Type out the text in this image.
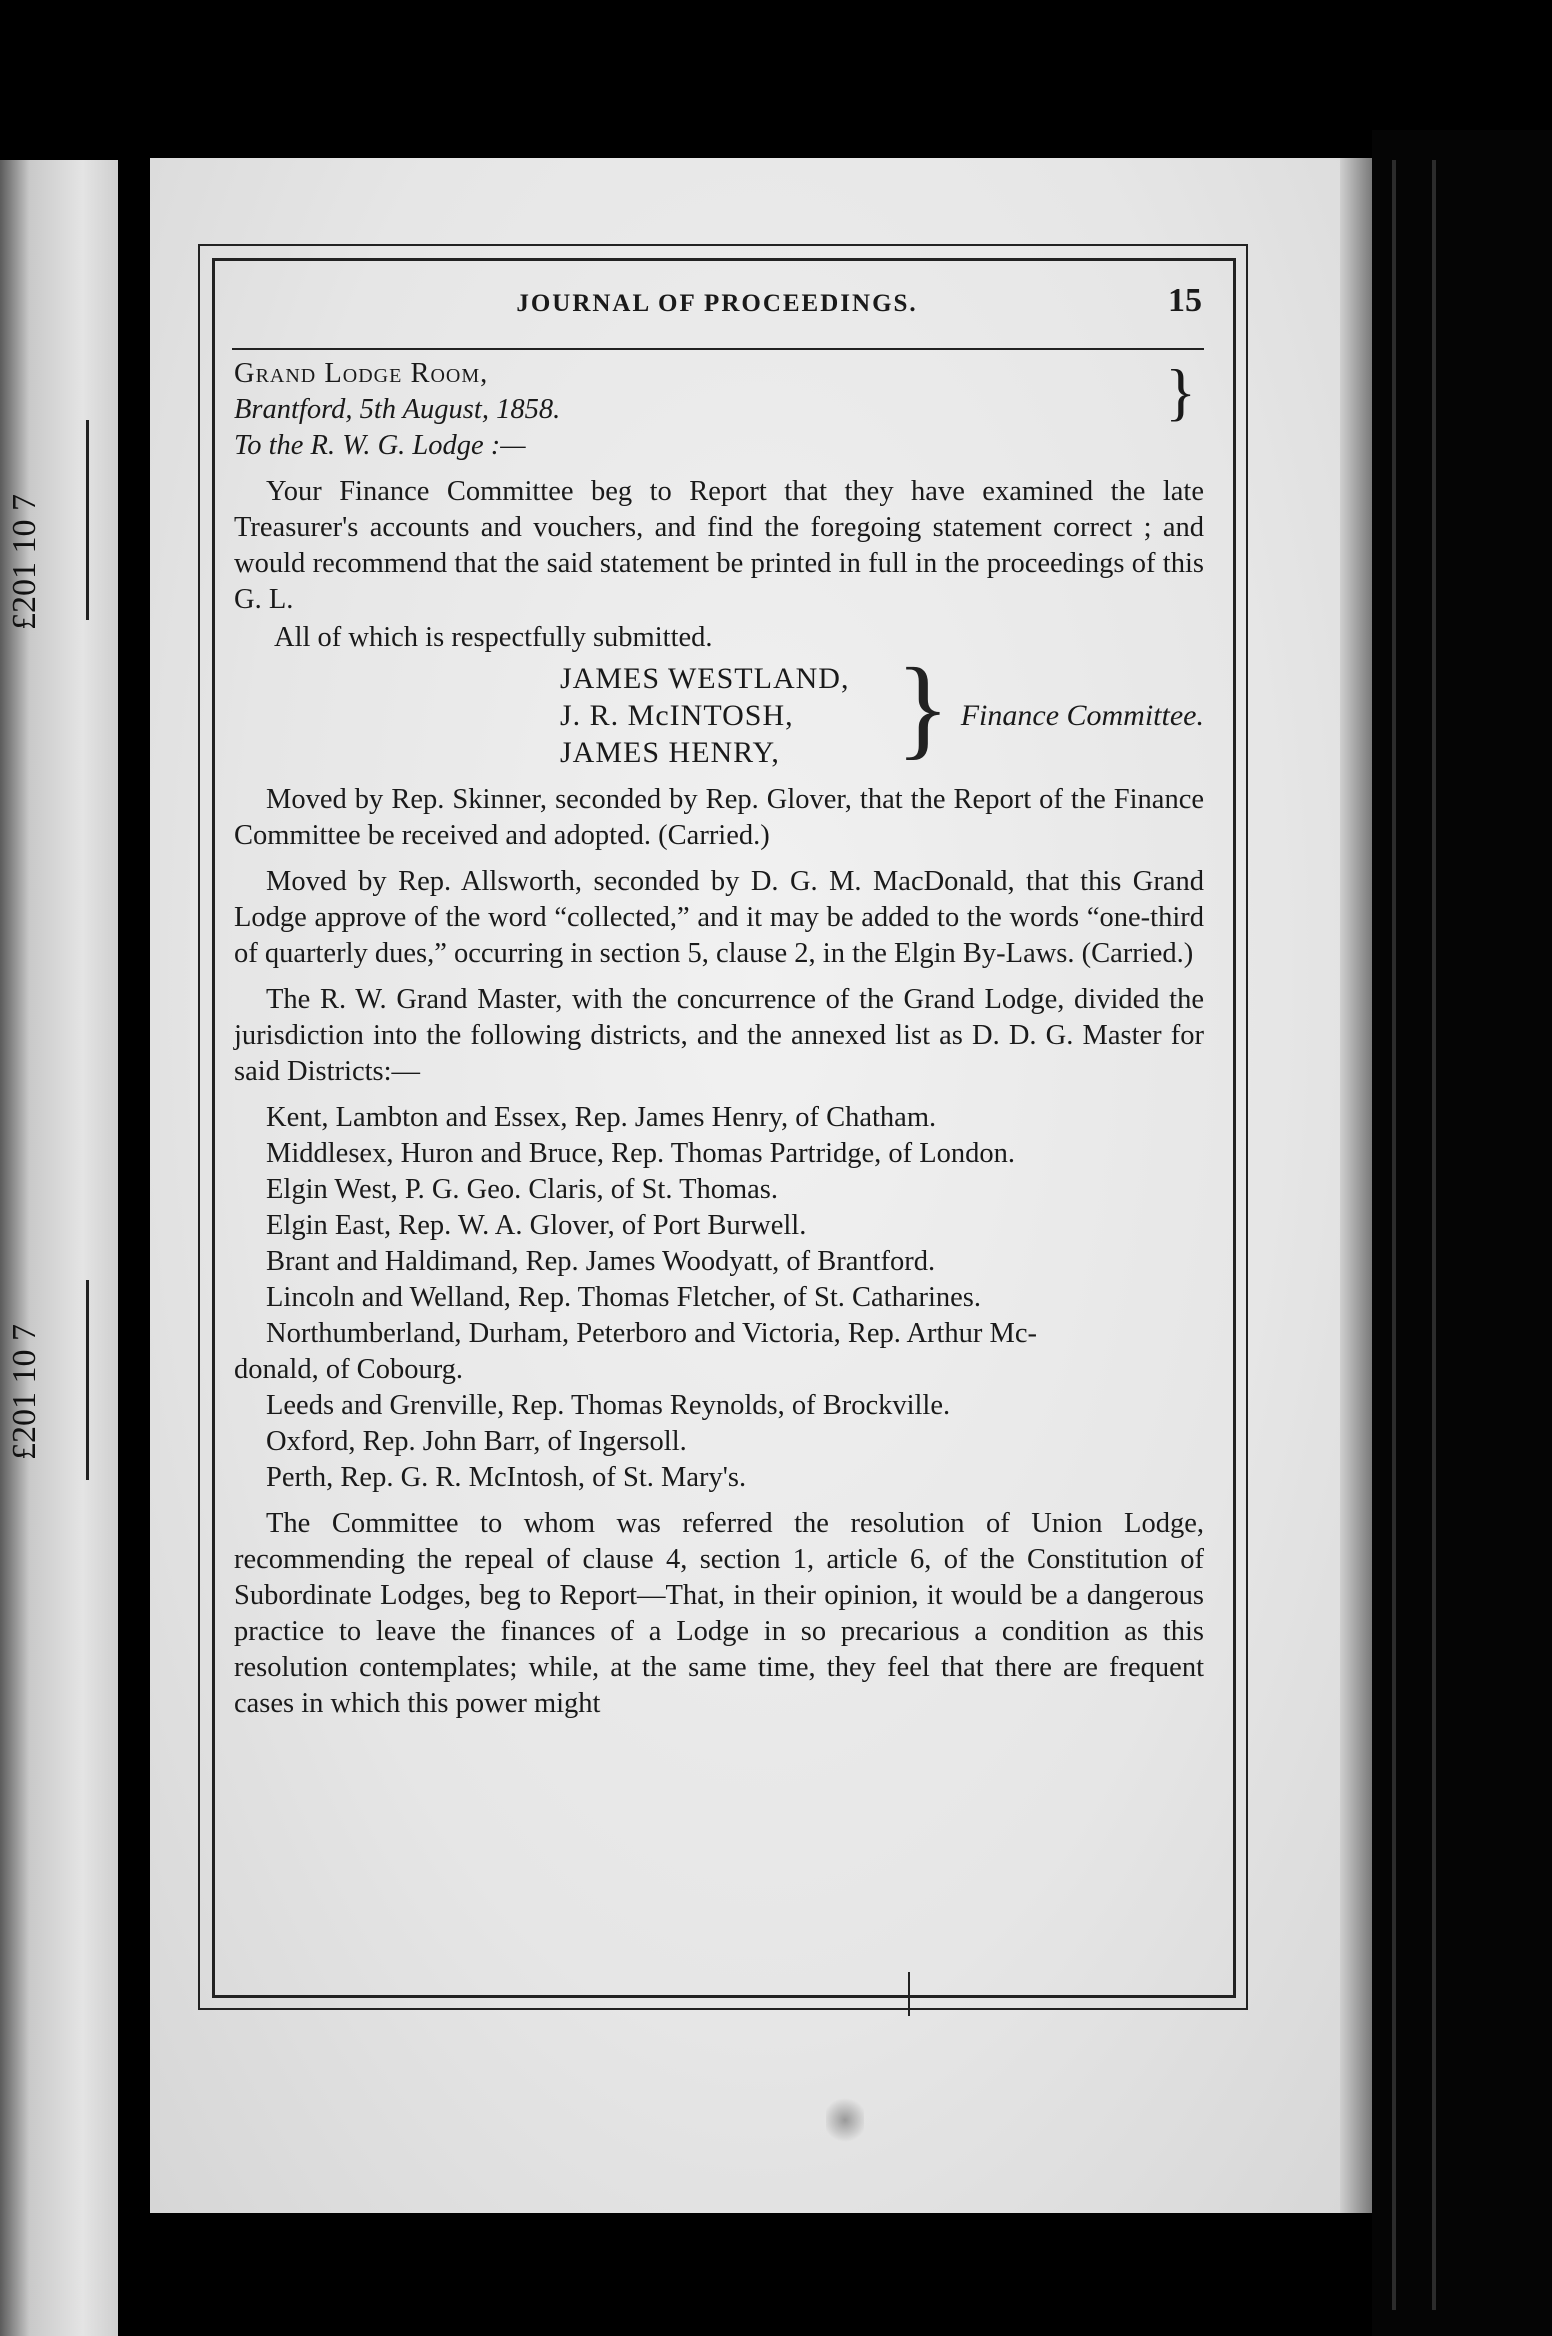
£201 10 7
£201 10 7
JOURNAL OF PROCEEDINGS.	15

Grand Lodge Room,
Brantford, 5th August, 1858.	}

To the R. W. G. Lodge :—

Your Finance Committee beg to Report that they have examined the late Treasurer's accounts and vouchers, and find the foregoing statement correct ; and would recommend that the said statement be printed in full in the proceedings of this G. L.

All of which is respectfully submitted.

JAMES WESTLAND,
J. R. McINTOSH,
JAMES HENRY,	} Finance Committee.

Moved by Rep. Skinner, seconded by Rep. Glover, that the Report of the Finance Committee be received and adopted. (Carried.)

Moved by Rep. Allsworth, seconded by D. G. M. MacDonald, that this Grand Lodge approve of the word “collected,” and it may be added to the words “one-third of quarterly dues,” occurring in section 5, clause 2, in the Elgin By-Laws. (Carried.)

The R. W. Grand Master, with the concurrence of the Grand Lodge, divided the jurisdiction into the following districts, and the annexed list as D. D. G. Master for said Districts:—

Kent, Lambton and Essex, Rep. James Henry, of Chatham.

Middlesex, Huron and Bruce, Rep. Thomas Partridge, of London.

Elgin West, P. G. Geo. Claris, of St. Thomas.

Elgin East, Rep. W. A. Glover, of Port Burwell.

Brant and Haldimand, Rep. James Woodyatt, of Brantford.

Lincoln and Welland, Rep. Thomas Fletcher, of St. Catharines.

Northumberland, Durham, Peterboro and Victoria, Rep. Arthur Mc-

donald, of Cobourg.

Leeds and Grenville, Rep. Thomas Reynolds, of Brockville.

Oxford, Rep. John Barr, of Ingersoll.

Perth, Rep. G. R. McIntosh, of St. Mary's.

The Committee to whom was referred the resolution of Union Lodge, recommending the repeal of clause 4, section 1, article 6, of the Constitution of Subordinate Lodges, beg to Report—That, in their opinion, it would be a dangerous practice to leave the finances of a Lodge in so precarious a condition as this resolution contemplates; while, at the same time, they feel that there are frequent cases in which this power might
